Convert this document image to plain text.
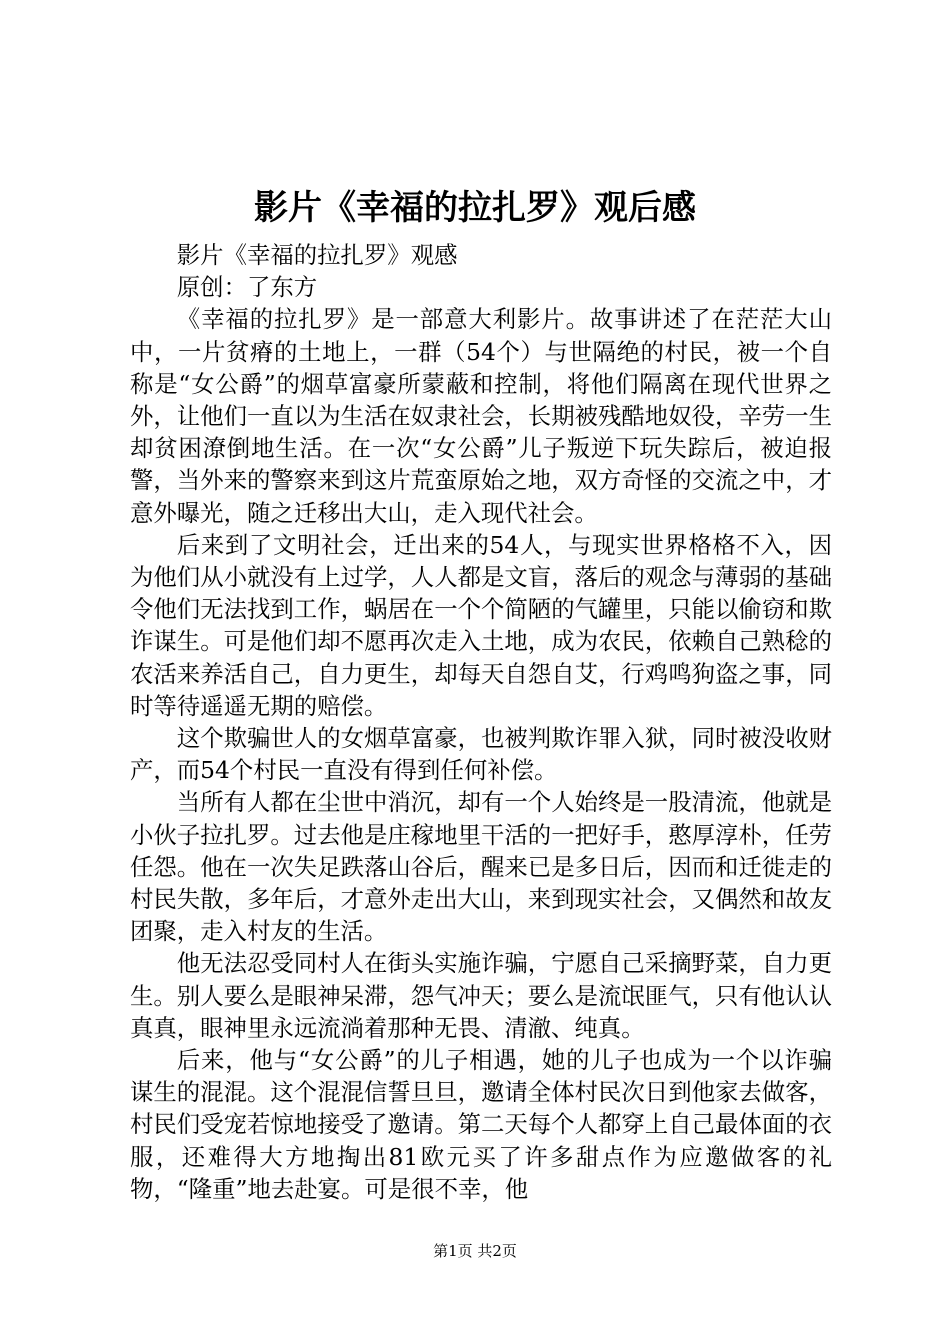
影片《幸福的拉扎罗》观后感

影片《幸福的拉扎罗》观感

原创：了东方

《幸福的拉扎罗》是一部意大利影片。故事讲述了在茫茫大山中，一片贫瘠的土地上，一群（54个）与世隔绝的村民，被一个自称是“女公爵”的烟草富豪所蒙蔽和控制，将他们隔离在现代世界之外，让他们一直以为生活在奴隶社会，长期被残酷地奴役，辛劳一生却贫困潦倒地生活。在一次“女公爵”儿子叛逆下玩失踪后，被迫报警，当外来的警察来到这片荒蛮原始之地，双方奇怪的交流之中，才意外曝光，随之迁移出大山，走入现代社会。

后来到了文明社会，迁出来的54人，与现实世界格格不入，因为他们从小就没有上过学，人人都是文盲，落后的观念与薄弱的基础令他们无法找到工作，蜗居在一个个简陋的气罐里，只能以偷窃和欺诈谋生。可是他们却不愿再次走入土地，成为农民，依赖自己熟稔的农活来养活自己，自力更生，却每天自怨自艾，行鸡鸣狗盗之事，同时等待遥遥无期的赔偿。

这个欺骗世人的女烟草富豪，也被判欺诈罪入狱，同时被没收财产，而54个村民一直没有得到任何补偿。

当所有人都在尘世中消沉，却有一个人始终是一股清流，他就是小伙子拉扎罗。过去他是庄稼地里干活的一把好手，憨厚淳朴，任劳任怨。他在一次失足跌落山谷后，醒来已是多日后，因而和迁徙走的村民失散，多年后，才意外走出大山，来到现实社会，又偶然和故友团聚，走入村友的生活。

他无法忍受同村人在街头实施诈骗，宁愿自己采摘野菜，自力更生。别人要么是眼神呆滞，怨气冲天；要么是流氓匪气，只有他认认真真，眼神里永远流淌着那种无畏、清澈、纯真。

后来，他与“女公爵”的儿子相遇，她的儿子也成为一个以诈骗谋生的混混。这个混混信誓旦旦，邀请全体村民次日到他家去做客，村民们受宠若惊地接受了邀请。第二天每个人都穿上自己最体面的衣服，还难得大方地掏出81欧元买了许多甜点作为应邀做客的礼物，“隆重”地去赴宴。可是很不幸，他

第1页 共2页
